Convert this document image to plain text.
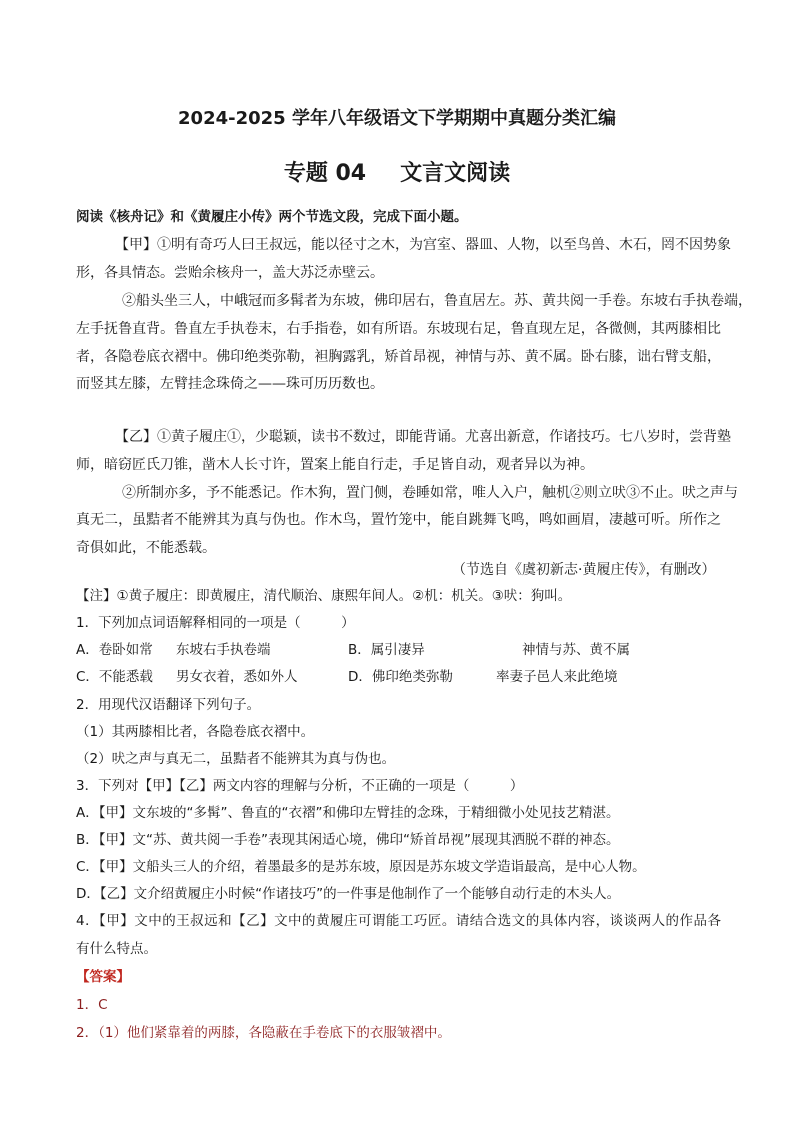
2024-2025 学年八年级语文下学期期中真题分类汇编
专题 04 文言文阅读
阅读《核舟记》和《黄履庄小传》两个节选文段，完成下面小题。
【甲】①明有奇巧人曰王叔远，能以径寸之木，为宫室、器皿、人物，以至鸟兽、木石，罔不因势象
形，各具情态。尝贻余核舟一，盖大苏泛赤壁云。
②船头坐三人，中峨冠而多髯者为东坡，佛印居右，鲁直居左。苏、黄共阅一手卷。东坡右手执卷端，
左手抚鲁直背。鲁直左手执卷末，右手指卷，如有所语。东坡现右足，鲁直现左足，各微侧，其两膝相比
者，各隐卷底衣褶中。佛印绝类弥勒，袒胸露乳，矫首昂视，神情与苏、黄不属。卧右膝，诎右臂支船，
而竖其左膝，左臂挂念珠倚之——珠可历历数也。
【乙】①黄子履庄①，少聪颖，读书不数过，即能背诵。尤喜出新意，作诸技巧。七八岁时，尝背塾
师，暗窃匠氏刀锥，凿木人长寸许，置案上能自行走，手足皆自动，观者异以为神。
②所制亦多，予不能悉记。作木狗，置门侧，卷睡如常，唯人入户，触机②则立吠③不止。吠之声与
真无二，虽黠者不能辨其为真与伪也。作木鸟，置竹笼中，能自跳舞飞鸣，鸣如画眉，凄越可听。所作之
奇俱如此，不能悉载。
（节选自《虞初新志·黄履庄传》，有删改）
【注】①黄子履庄：即黄履庄，清代顺治、康熙年间人。②机：机关。③吠：狗叫。
1．下列加点词语解释相同的一项是（　　　）
A．卷卧如常 东坡右手执卷端	B．属引凄异	神情与苏、黄不属
C．不能悉载 男女衣着，悉如外人	D．佛印绝类弥勒	率妻子邑人来此绝境
2．用现代汉语翻译下列句子。
（1）其两膝相比者，各隐卷底衣褶中。
（2）吠之声与真无二，虽黠者不能辨其为真与伪也。
3．下列对【甲】【乙】两文内容的理解与分析，不正确的一项是（　　　）
A．【甲】文东坡的“多髯”、鲁直的“衣褶”和佛印左臂挂的念珠，于精细微小处见技艺精湛。
B．【甲】文“苏、黄共阅一手卷”表现其闲适心境，佛印“矫首昂视”展现其洒脱不群的神态。
C．【甲】文船头三人的介绍，着墨最多的是苏东坡，原因是苏东坡文学造诣最高，是中心人物。
D．【乙】文介绍黄履庄小时候“作诸技巧”的一件事是他制作了一个能够自动行走的木头人。
4．【甲】文中的王叔远和【乙】文中的黄履庄可谓能工巧匠。请结合选文的具体内容，谈谈两人的作品各
有什么特点。
【答案】
1．C
2．（1）他们紧靠着的两膝，各隐蔽在手卷底下的衣服皱褶中。
